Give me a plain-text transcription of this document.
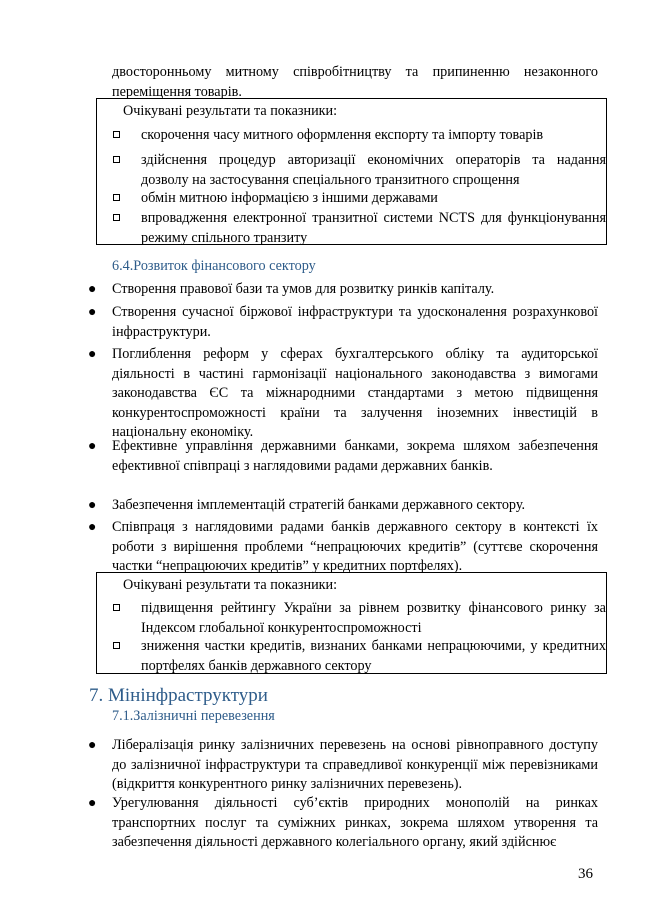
двосторонньому митному співробітництву та припиненню незаконного переміщення товарів.
Очікувані результати та показники:
скорочення часу митного оформлення експорту та імпорту товарів
здійснення процедур авторизації економічних операторів та надання дозволу на застосування спеціального транзитного спрощення
обмін митною інформацією з іншими державами
впровадження електронної транзитної системи NCTS для функціонування режиму спільного транзиту
6.4.Розвиток фінансового сектору
●	Створення правової бази та умов для розвитку ринків капіталу.
●	Створення сучасної біржової інфраструктури та удосконалення розрахункової інфраструктури.
●	Поглиблення реформ у сферах бухгалтерського обліку та аудиторської діяльності в частині гармонізації національного законодавства з вимогами законодавства ЄС та міжнародними стандартами з метою підвищення конкурентоспроможності країни та залучення іноземних інвестицій в національну економіку.
●	Ефективне управління державними банками, зокрема шляхом забезпечення ефективної співпраці з наглядовими радами державних банків.
●	Забезпечення імплементацій стратегій банками державного сектору.
●	Співпраця з наглядовими радами банків державного сектору в контексті їх роботи з вирішення проблеми “непрацюючих кредитів” (суттєве скорочення частки “непрацюючих кредитів” у кредитних портфелях).
Очікувані результати та показники:
підвищення рейтингу України за рівнем розвитку фінансового ринку за Індексом глобальної конкурентоспроможності
зниження частки кредитів, визнаних банками непрацюючими, у кредитних портфелях банків державного сектору
7. Мінінфраструктури
7.1.Залізничні перевезення
●	Лібералізація ринку залізничних перевезень на основі рівноправного доступу до залізничної інфраструктури та справедливої конкуренції між перевізниками (відкриття конкурентного ринку залізничних перевезень).
●	Урегулювання діяльності суб’єктів природних монополій на ринках транспортних послуг та суміжних ринках, зокрема шляхом утворення та забезпечення діяльності державного колегіального органу, який здійснює
36
